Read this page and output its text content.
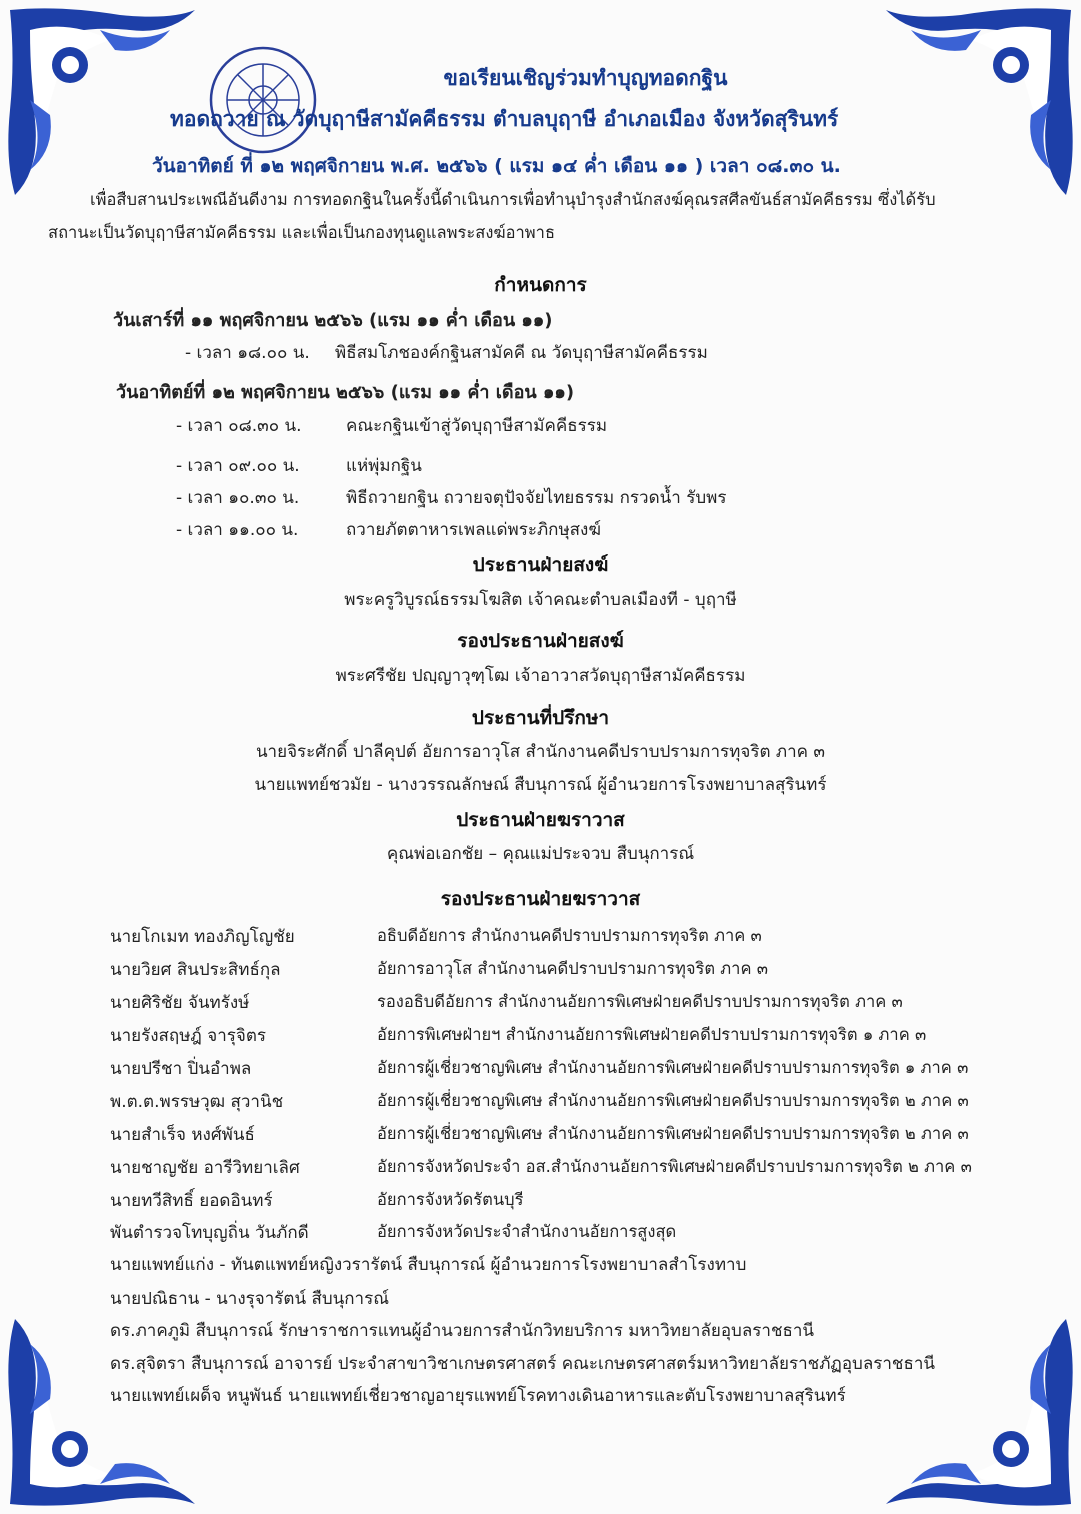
ขอเรียนเชิญร่วมทำบุญทอดกฐิน
ทอดถวาย ณ วัดบุฤาษีสามัคคีธรรม ตำบลบุฤาษี อำเภอเมือง จังหวัดสุรินทร์
วันอาทิตย์ ที่ ๑๒ พฤศจิกายน พ.ศ. ๒๕๖๖ ( แรม ๑๔ ค่ำ เดือน ๑๑ ) เวลา ๐๘.๓๐ น.
เพื่อสืบสานประเพณีอันดีงาม การทอดกฐินในครั้งนี้ดำเนินการเพื่อทำนุบำรุงสำนักสงฆ์คุณรสศีลขันธ์สามัคคีธรรม ซึ่งได้รับ
สถานะเป็นวัดบุฤาษีสามัคคีธรรม และเพื่อเป็นกองทุนดูแลพระสงฆ์อาพาธ
กำหนดการ
วันเสาร์ที่ ๑๑ พฤศจิกายน ๒๕๖๖ (แรม ๑๑ ค่ำ เดือน ๑๑)
- เวลา ๑๘.๐๐ น. พิธีสมโภชองค์กฐินสามัคคี ณ วัดบุฤาษีสามัคคีธรรม
วันอาทิตย์ที่ ๑๒ พฤศจิกายน ๒๕๖๖ (แรม ๑๑ ค่ำ เดือน ๑๑)
- เวลา ๐๘.๓๐ น.	คณะกฐินเข้าสู่วัดบุฤาษีสามัคคีธรรม
- เวลา ๐๙.๐๐ น.	แห่พุ่มกฐิน
- เวลา ๑๐.๓๐ น.	พิธีถวายกฐิน ถวายจตุปัจจัยไทยธรรม กรวดน้ำ รับพร
- เวลา ๑๑.๐๐ น.	ถวายภัตตาหารเพลแด่พระภิกษุสงฆ์
ประธานฝ่ายสงฆ์
พระครูวิบูรณ์ธรรมโฆสิต เจ้าคณะตำบลเมืองที - บุฤาษี
รองประธานฝ่ายสงฆ์
พระศรีชัย ปญฺญาวุฑฺโฒ เจ้าอาวาสวัดบุฤาษีสามัคคีธรรม
ประธานที่ปรึกษา
นายจิระศักดิ์ ปาลีคุปต์ อัยการอาวุโส สำนักงานคดีปราบปรามการทุจริต ภาค ๓
นายแพทย์ชวมัย - นางวรรณลักษณ์ สืบนุการณ์ ผู้อำนวยการโรงพยาบาลสุรินทร์
ประธานฝ่ายฆราวาส
คุณพ่อเอกชัย – คุณแม่ประจวบ สืบนุการณ์
รองประธานฝ่ายฆราวาส
นายโกเมท ทองภิญโญชัย	อธิบดีอัยการ สำนักงานคดีปราบปรามการทุจริต ภาค ๓
นายวิยศ สินประสิทธ์กุล	อัยการอาวุโส สำนักงานคดีปราบปรามการทุจริต ภาค ๓
นายศิริชัย จันทรังษ์	รองอธิบดีอัยการ สำนักงานอัยการพิเศษฝ่ายคดีปราบปรามการทุจริต ภาค ๓
นายรังสฤษฎ์ จารุจิตร	อัยการพิเศษฝ่ายฯ สำนักงานอัยการพิเศษฝ่ายคดีปราบปรามการทุจริต ๑ ภาค ๓
นายปรีชา ปิ่นอำพล	อัยการผู้เชี่ยวชาญพิเศษ สำนักงานอัยการพิเศษฝ่ายคดีปราบปรามการทุจริต ๑ ภาค ๓
พ.ต.ต.พรรษวุฒ สุวานิช	อัยการผู้เชี่ยวชาญพิเศษ สำนักงานอัยการพิเศษฝ่ายคดีปราบปรามการทุจริต ๒ ภาค ๓
นายสำเร็จ หงศ์พันธ์	อัยการผู้เชี่ยวชาญพิเศษ สำนักงานอัยการพิเศษฝ่ายคดีปราบปรามการทุจริต ๒ ภาค ๓
นายชาญชัย อารีวิทยาเลิศ	อัยการจังหวัดประจำ อส.สำนักงานอัยการพิเศษฝ่ายคดีปราบปรามการทุจริต ๒ ภาค ๓
นายทวีสิทธิ์ ยอดอินทร์	อัยการจังหวัดรัตนบุรี
พันตำรวจโทบุญถิ่น วันภักดี	อัยการจังหวัดประจำสำนักงานอัยการสูงสุด
นายแพทย์แก่ง - ทันตแพทย์หญิงวรารัตน์ สืบนุการณ์ ผู้อำนวยการโรงพยาบาลสำโรงทาบ
นายปณิธาน - นางรุจารัตน์ สืบนุการณ์
ดร.ภาคภูมิ สืบนุการณ์ รักษาราชการแทนผู้อำนวยการสำนักวิทยบริการ มหาวิทยาลัยอุบลราชธานี
ดร.สุจิตรา สืบนุการณ์ อาจารย์ ประจำสาขาวิชาเกษตรศาสตร์ คณะเกษตรศาสตร์มหาวิทยาลัยราชภัฏอุบลราชธานี
นายแพทย์เผด็จ หนูพันธ์ นายแพทย์เชี่ยวชาญอายุรแพทย์โรคทางเดินอาหารและตับโรงพยาบาลสุรินทร์
